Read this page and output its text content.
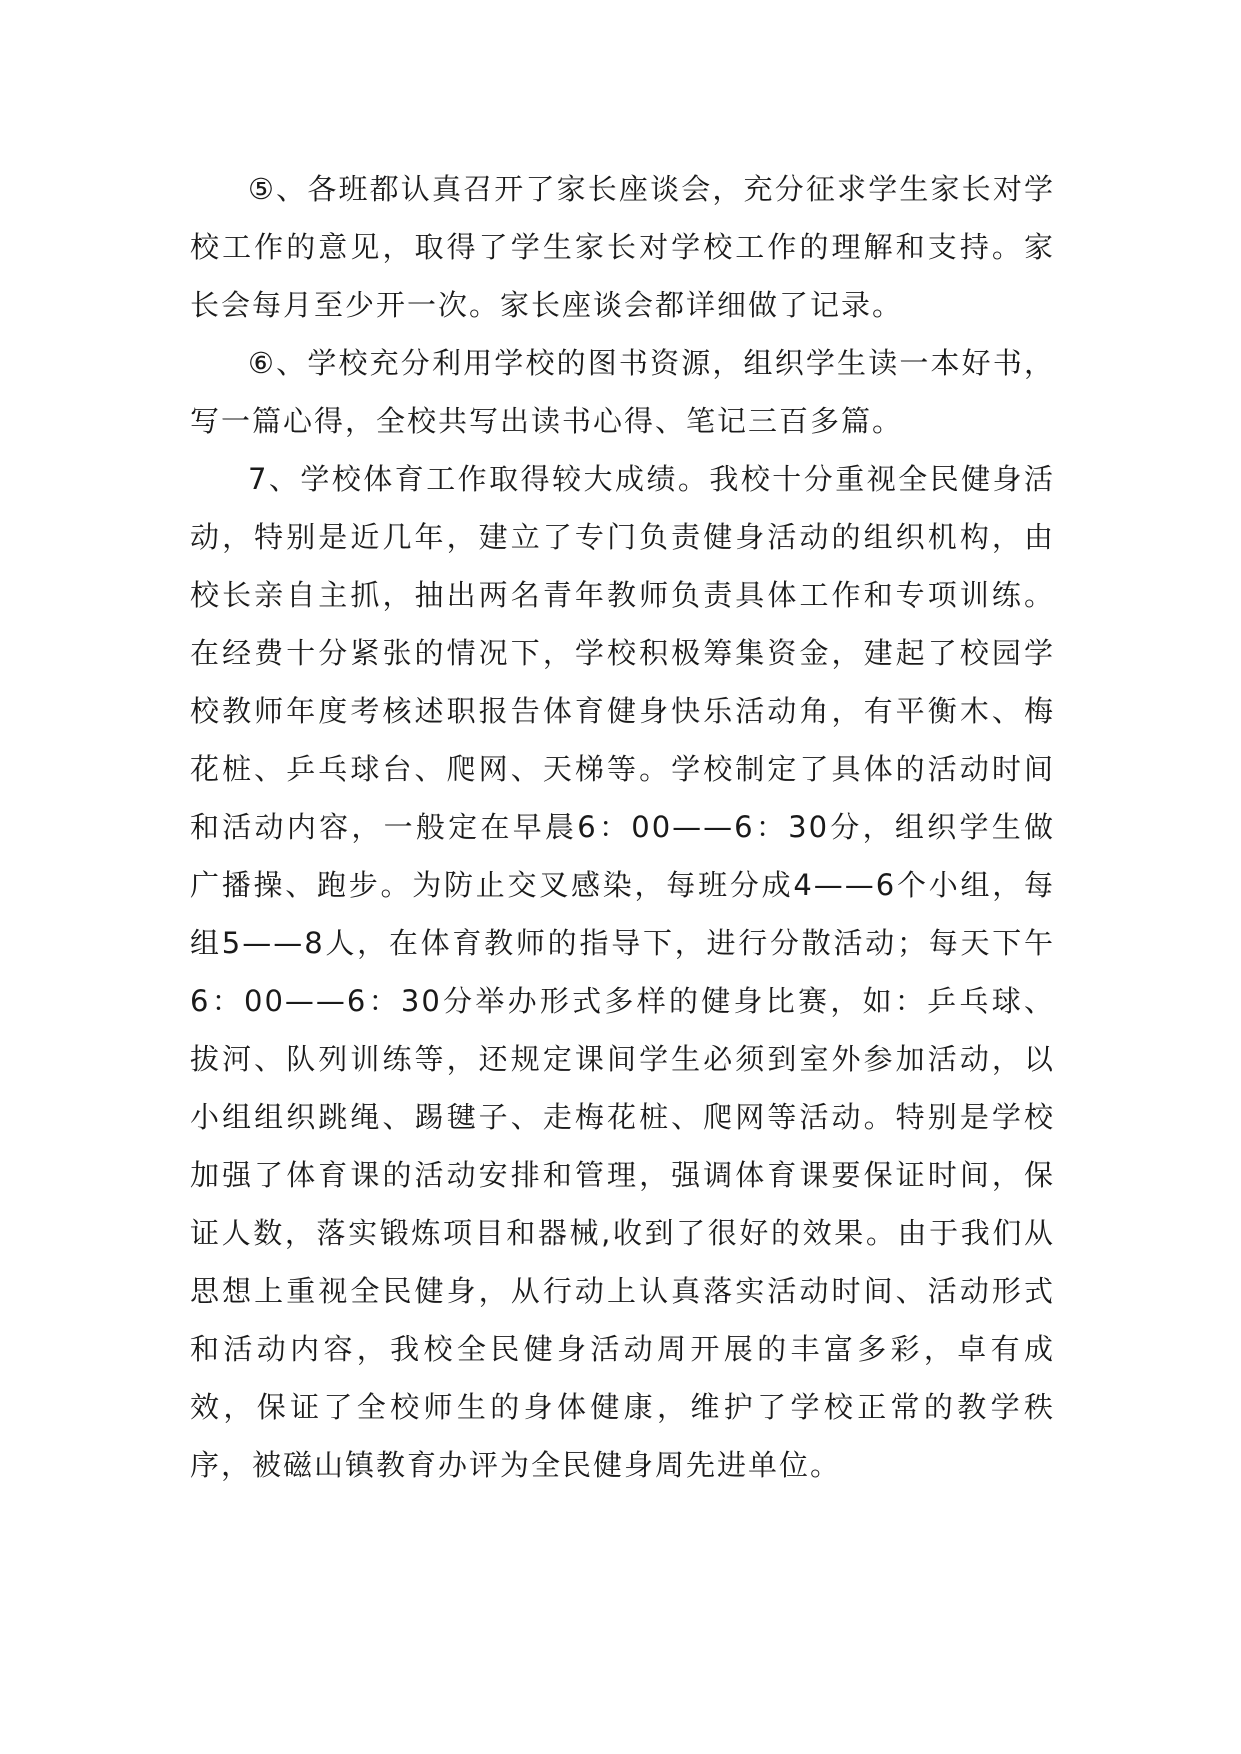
⑤、各班都认真召开了家长座谈会，充分征求学生家长对学校工作的意见，取得了学生家长对学校工作的理解和支持。家长会每月至少开一次。家长座谈会都详细做了记录。

⑥、学校充分利用学校的图书资源，组织学生读一本好书，写一篇心得，全校共写出读书心得、笔记三百多篇。

7、学校体育工作取得较大成绩。我校十分重视全民健身活动，特别是近几年，建立了专门负责健身活动的组织机构，由校长亲自主抓，抽出两名青年教师负责具体工作和专项训练。在经费十分紧张的情况下，学校积极筹集资金，建起了校园学校教师年度考核述职报告体育健身快乐活动角，有平衡木、梅花桩、乒乓球台、爬网、天梯等。学校制定了具体的活动时间和活动内容，一般定在早晨6：00——6：30分，组织学生做广播操、跑步。为防止交叉感染，每班分成4——6个小组，每组5——8人，在体育教师的指导下，进行分散活动；每天下午6：00——6：30分举办形式多样的健身比赛，如：乒乓球、拔河、队列训练等，还规定课间学生必须到室外参加活动，以小组组织跳绳、踢毽子、走梅花桩、爬网等活动。特别是学校加强了体育课的活动安排和管理，强调体育课要保证时间，保证人数，落实锻炼项目和器械,收到了很好的效果。由于我们从思想上重视全民健身，从行动上认真落实活动时间、活动形式和活动内容，我校全民健身活动周开展的丰富多彩，卓有成效，保证了全校师生的身体健康，维护了学校正常的教学秩序，被磁山镇教育办评为全民健身周先进单位。
